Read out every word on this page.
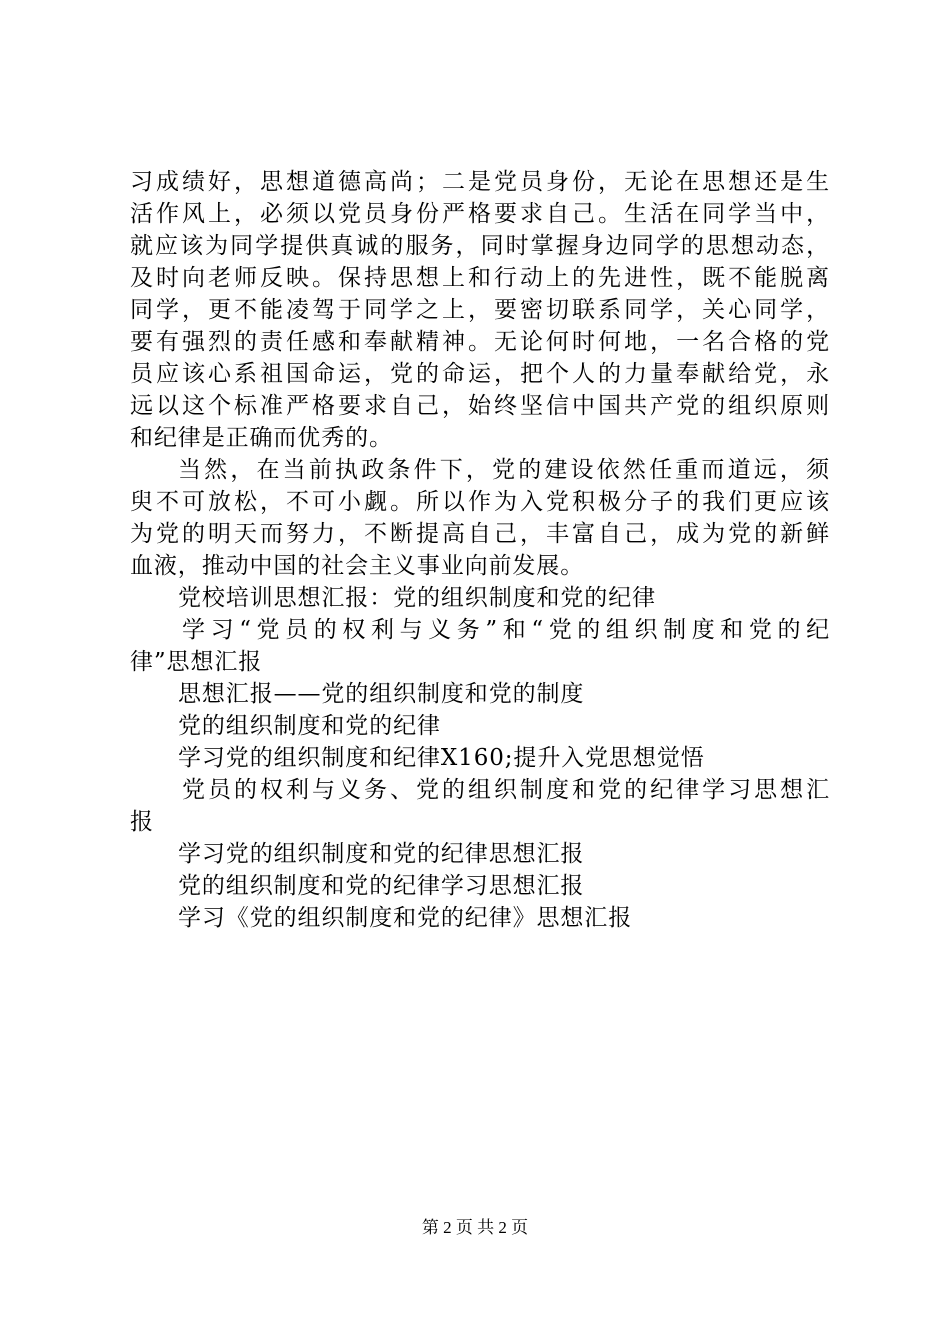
习成绩好，思想道德高尚；二是党员身份，无论在思想还是生
活作风上，必须以党员身份严格要求自己。生活在同学当中，
就应该为同学提供真诚的服务，同时掌握身边同学的思想动态，
及时向老师反映。保持思想上和行动上的先进性，既不能脱离
同学，更不能凌驾于同学之上，要密切联系同学，关心同学，
要有强烈的责任感和奉献精神。无论何时何地，一名合格的党
员应该心系祖国命运，党的命运，把个人的力量奉献给党，永
远以这个标准严格要求自己，始终坚信中国共产党的组织原则
和纪律是正确而优秀的。
当然，在当前执政条件下，党的建设依然任重而道远，须
臾不可放松，不可小觑。所以作为入党积极分子的我们更应该
为党的明天而努力，不断提高自己，丰富自己，成为党的新鲜
血液，推动中国的社会主义事业向前发展。
党校培训思想汇报：党的组织制度和党的纪律
学习“党员的权利与义务”和“党的组织制度和党的纪
律”思想汇报
思想汇报——党的组织制度和党的制度
党的组织制度和党的纪律
学习党的组织制度和纪律X160;提升入党思想觉悟
党员的权利与义务、党的组织制度和党的纪律学习思想汇
报
学习党的组织制度和党的纪律思想汇报
党的组织制度和党的纪律学习思想汇报
学习《党的组织制度和党的纪律》思想汇报
第 2 页 共 2 页
